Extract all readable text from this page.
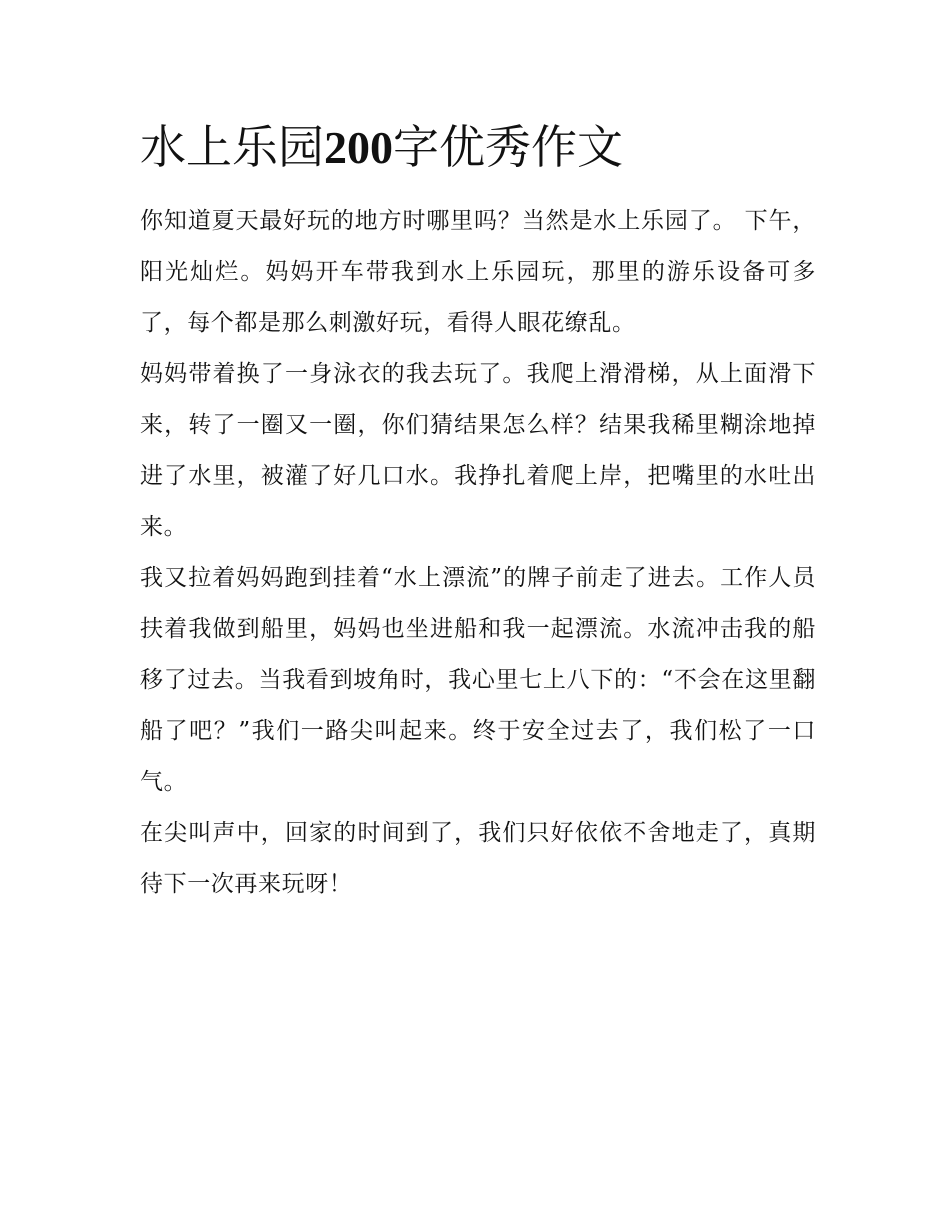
水上乐园200字优秀作文

你知道夏天最好玩的地方时哪里吗？当然是水上乐园了。 下午，阳光灿烂。妈妈开车带我到水上乐园玩，那里的游乐设备可多了，每个都是那么刺激好玩，看得人眼花缭乱。

妈妈带着换了一身泳衣的我去玩了。我爬上滑滑梯，从上面滑下来，转了一圈又一圈，你们猜结果怎么样？结果我稀里糊涂地掉进了水里，被灌了好几口水。我挣扎着爬上岸，把嘴里的水吐出来。

我又拉着妈妈跑到挂着“水上漂流”的牌子前走了进去。工作人员扶着我做到船里，妈妈也坐进船和我一起漂流。水流冲击我的船移了过去。当我看到坡角时，我心里七上八下的：“不会在这里翻船了吧？”我们一路尖叫起来。终于安全过去了，我们松了一口气。

在尖叫声中，回家的时间到了，我们只好依依不舍地走了，真期待下一次再来玩呀！
